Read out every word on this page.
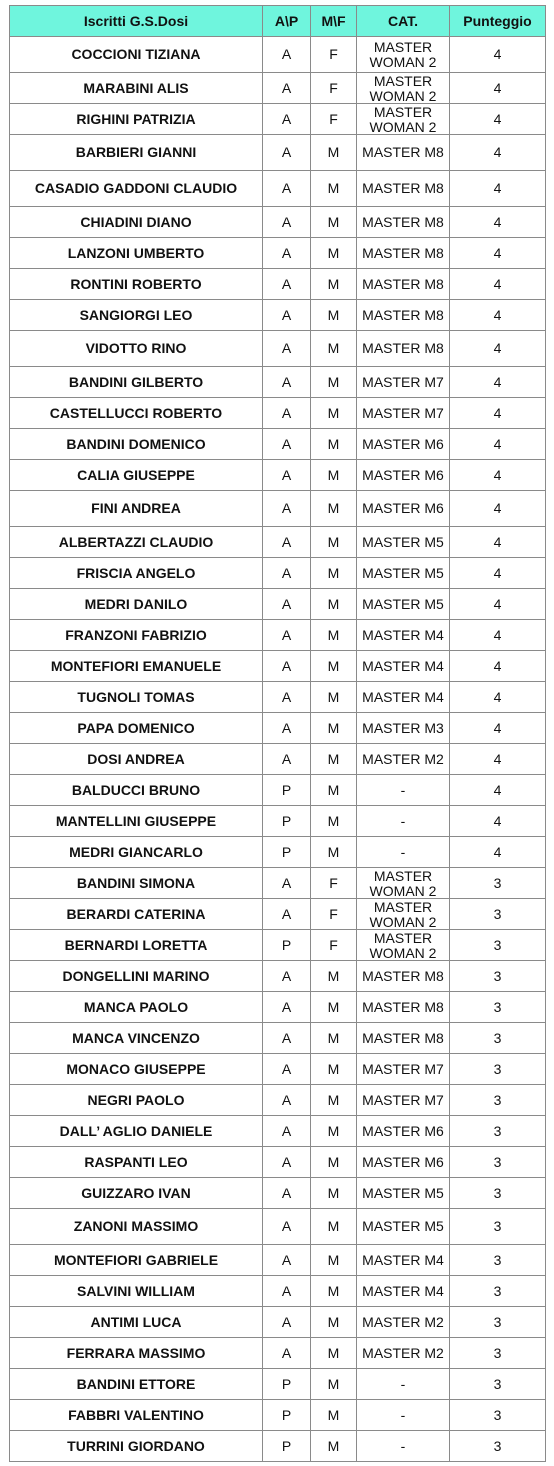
Iscritti G.S.Dosi	A\P	M\F	CAT.	Punteggio
COCCIONI TIZIANA	A	F	MASTER WOMAN 2	4
MARABINI ALIS	A	F	MASTER WOMAN 2	4
RIGHINI PATRIZIA	A	F	MASTER WOMAN 2	4
BARBIERI GIANNI	A	M	MASTER M8	4
CASADIO GADDONI CLAUDIO	A	M	MASTER M8	4
CHIADINI DIANO	A	M	MASTER M8	4
LANZONI UMBERTO	A	M	MASTER M8	4
RONTINI ROBERTO	A	M	MASTER M8	4
SANGIORGI LEO	A	M	MASTER M8	4
VIDOTTO RINO	A	M	MASTER M8	4
BANDINI GILBERTO	A	M	MASTER M7	4
CASTELLUCCI ROBERTO	A	M	MASTER M7	4
BANDINI DOMENICO	A	M	MASTER M6	4
CALIA GIUSEPPE	A	M	MASTER M6	4
FINI ANDREA	A	M	MASTER M6	4
ALBERTAZZI CLAUDIO	A	M	MASTER M5	4
FRISCIA ANGELO	A	M	MASTER M5	4
MEDRI DANILO	A	M	MASTER M5	4
FRANZONI FABRIZIO	A	M	MASTER M4	4
MONTEFIORI EMANUELE	A	M	MASTER M4	4
TUGNOLI TOMAS	A	M	MASTER M4	4
PAPA DOMENICO	A	M	MASTER M3	4
DOSI ANDREA	A	M	MASTER M2	4
BALDUCCI BRUNO	P	M	-	4
MANTELLINI GIUSEPPE	P	M	-	4
MEDRI GIANCARLO	P	M	-	4
BANDINI SIMONA	A	F	MASTER WOMAN 2	3
BERARDI CATERINA	A	F	MASTER WOMAN 2	3
BERNARDI LORETTA	P	F	MASTER WOMAN 2	3
DONGELLINI MARINO	A	M	MASTER M8	3
MANCA PAOLO	A	M	MASTER M8	3
MANCA VINCENZO	A	M	MASTER M8	3
MONACO GIUSEPPE	A	M	MASTER M7	3
NEGRI PAOLO	A	M	MASTER M7	3
DALL’ AGLIO DANIELE	A	M	MASTER M6	3
RASPANTI LEO	A	M	MASTER M6	3
GUIZZARO IVAN	A	M	MASTER M5	3
ZANONI MASSIMO	A	M	MASTER M5	3
MONTEFIORI GABRIELE	A	M	MASTER M4	3
SALVINI WILLIAM	A	M	MASTER M4	3
ANTIMI LUCA	A	M	MASTER M2	3
FERRARA MASSIMO	A	M	MASTER M2	3
BANDINI ETTORE	P	M	-	3
FABBRI VALENTINO	P	M	-	3
TURRINI GIORDANO	P	M	-	3
